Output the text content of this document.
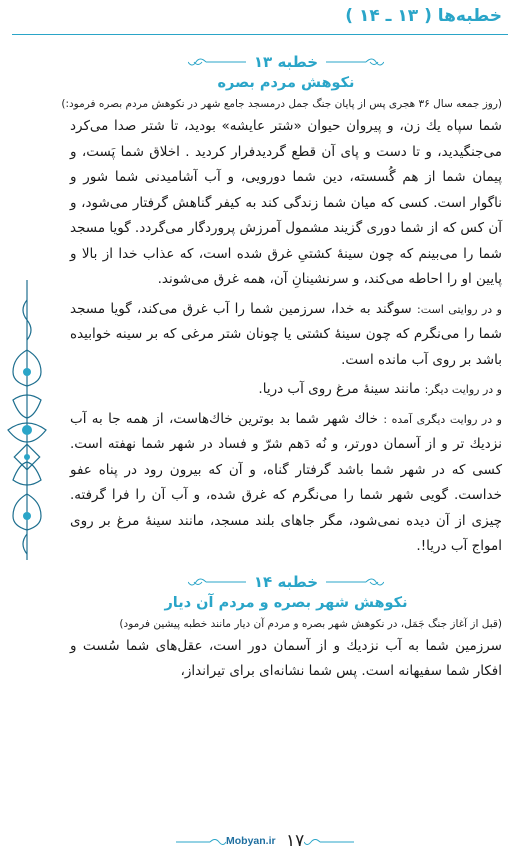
خطبه‌ها ( ۱۳ ـ ۱۴ )
خطبه ۱۳
نکوهش مردم بصره
(روز جمعه سال ۳۶ هجری پس از پایان جنگ جمل درمسجد جامع شهر در نکوهش مردم بصره فرمود:)

شما سپاه يك زن، و پيروان حيوان «شتر عايشه» بوديد، تا شتر صدا مى‌كرد مى‌جنگيديد، و تا دست و پاى آن قطع گرديدفرار كرديد . اخلاق شما پَست، و پيمان شما از هم گُسسته، دين شما دورويى، و آب آشاميدنى شما شور و ناگوار است. كسى كه ميان شما زندگى كند به كيفر گناهش گرفتار مى‌شود، و آن كس كه از شما دورى گزيند مشمول آمرزش پروردگار مى‌گردد. گويا مسجد شما را مى‌بينم كه چون سينۀ كشتىِ غرق شده است، كه عذاب خدا از بالا و پايين او را احاطه مى‌كند، و سرنشينانِ آن، همه غرق مى‌شوند.

و در روايتى است: سوگند به خدا، سرزمين شما را آب غرق مى‌كند، گويا مسجد شما را مى‌نگرم كه چون سينۀ كشتى يا چونان شتر مرغى كه بر سينه خوابيده باشد بر روى آب مانده است.

و در روايت ديگر: مانند سينۀ مرغ روى آب دريا.

و در روايت ديگرى آمده : خاك شهر شما بد بوترين خاك‌هاست، از همه جا به آب نزديك تر و از آسمان دورتر، و نُه دَهم شرّ و فساد در شهر شما نهفته است. كسى كه در شهر شما باشد گرفتار گناه، و آن كه بيرون رود در پناه عفو خداست. گويى شهر شما را مى‌نگرم كه غرق شده، و آب آن را فرا گرفته. چيزى از آن ديده نمى‌شود، مگر جاهاى بلند مسجد، مانند سينۀ مرغ بر روى امواج آب دريا!.

خطبه ۱۴
نكوهش شهر بصره و مردم آن ديار
(قبل از آغاز جنگ جَمَل، در نكوهش شهر بصره و مردم آن ديار مانند خطبه پيشين فرمود)

سرزمين شما به آب نزديك و از آسمان دور است، عقل‌هاى شما سُست و افكار شما سفيهانه است. پس شما نشانه‌اى براى تيرانداز،

Mobyan.ir ۱۷
